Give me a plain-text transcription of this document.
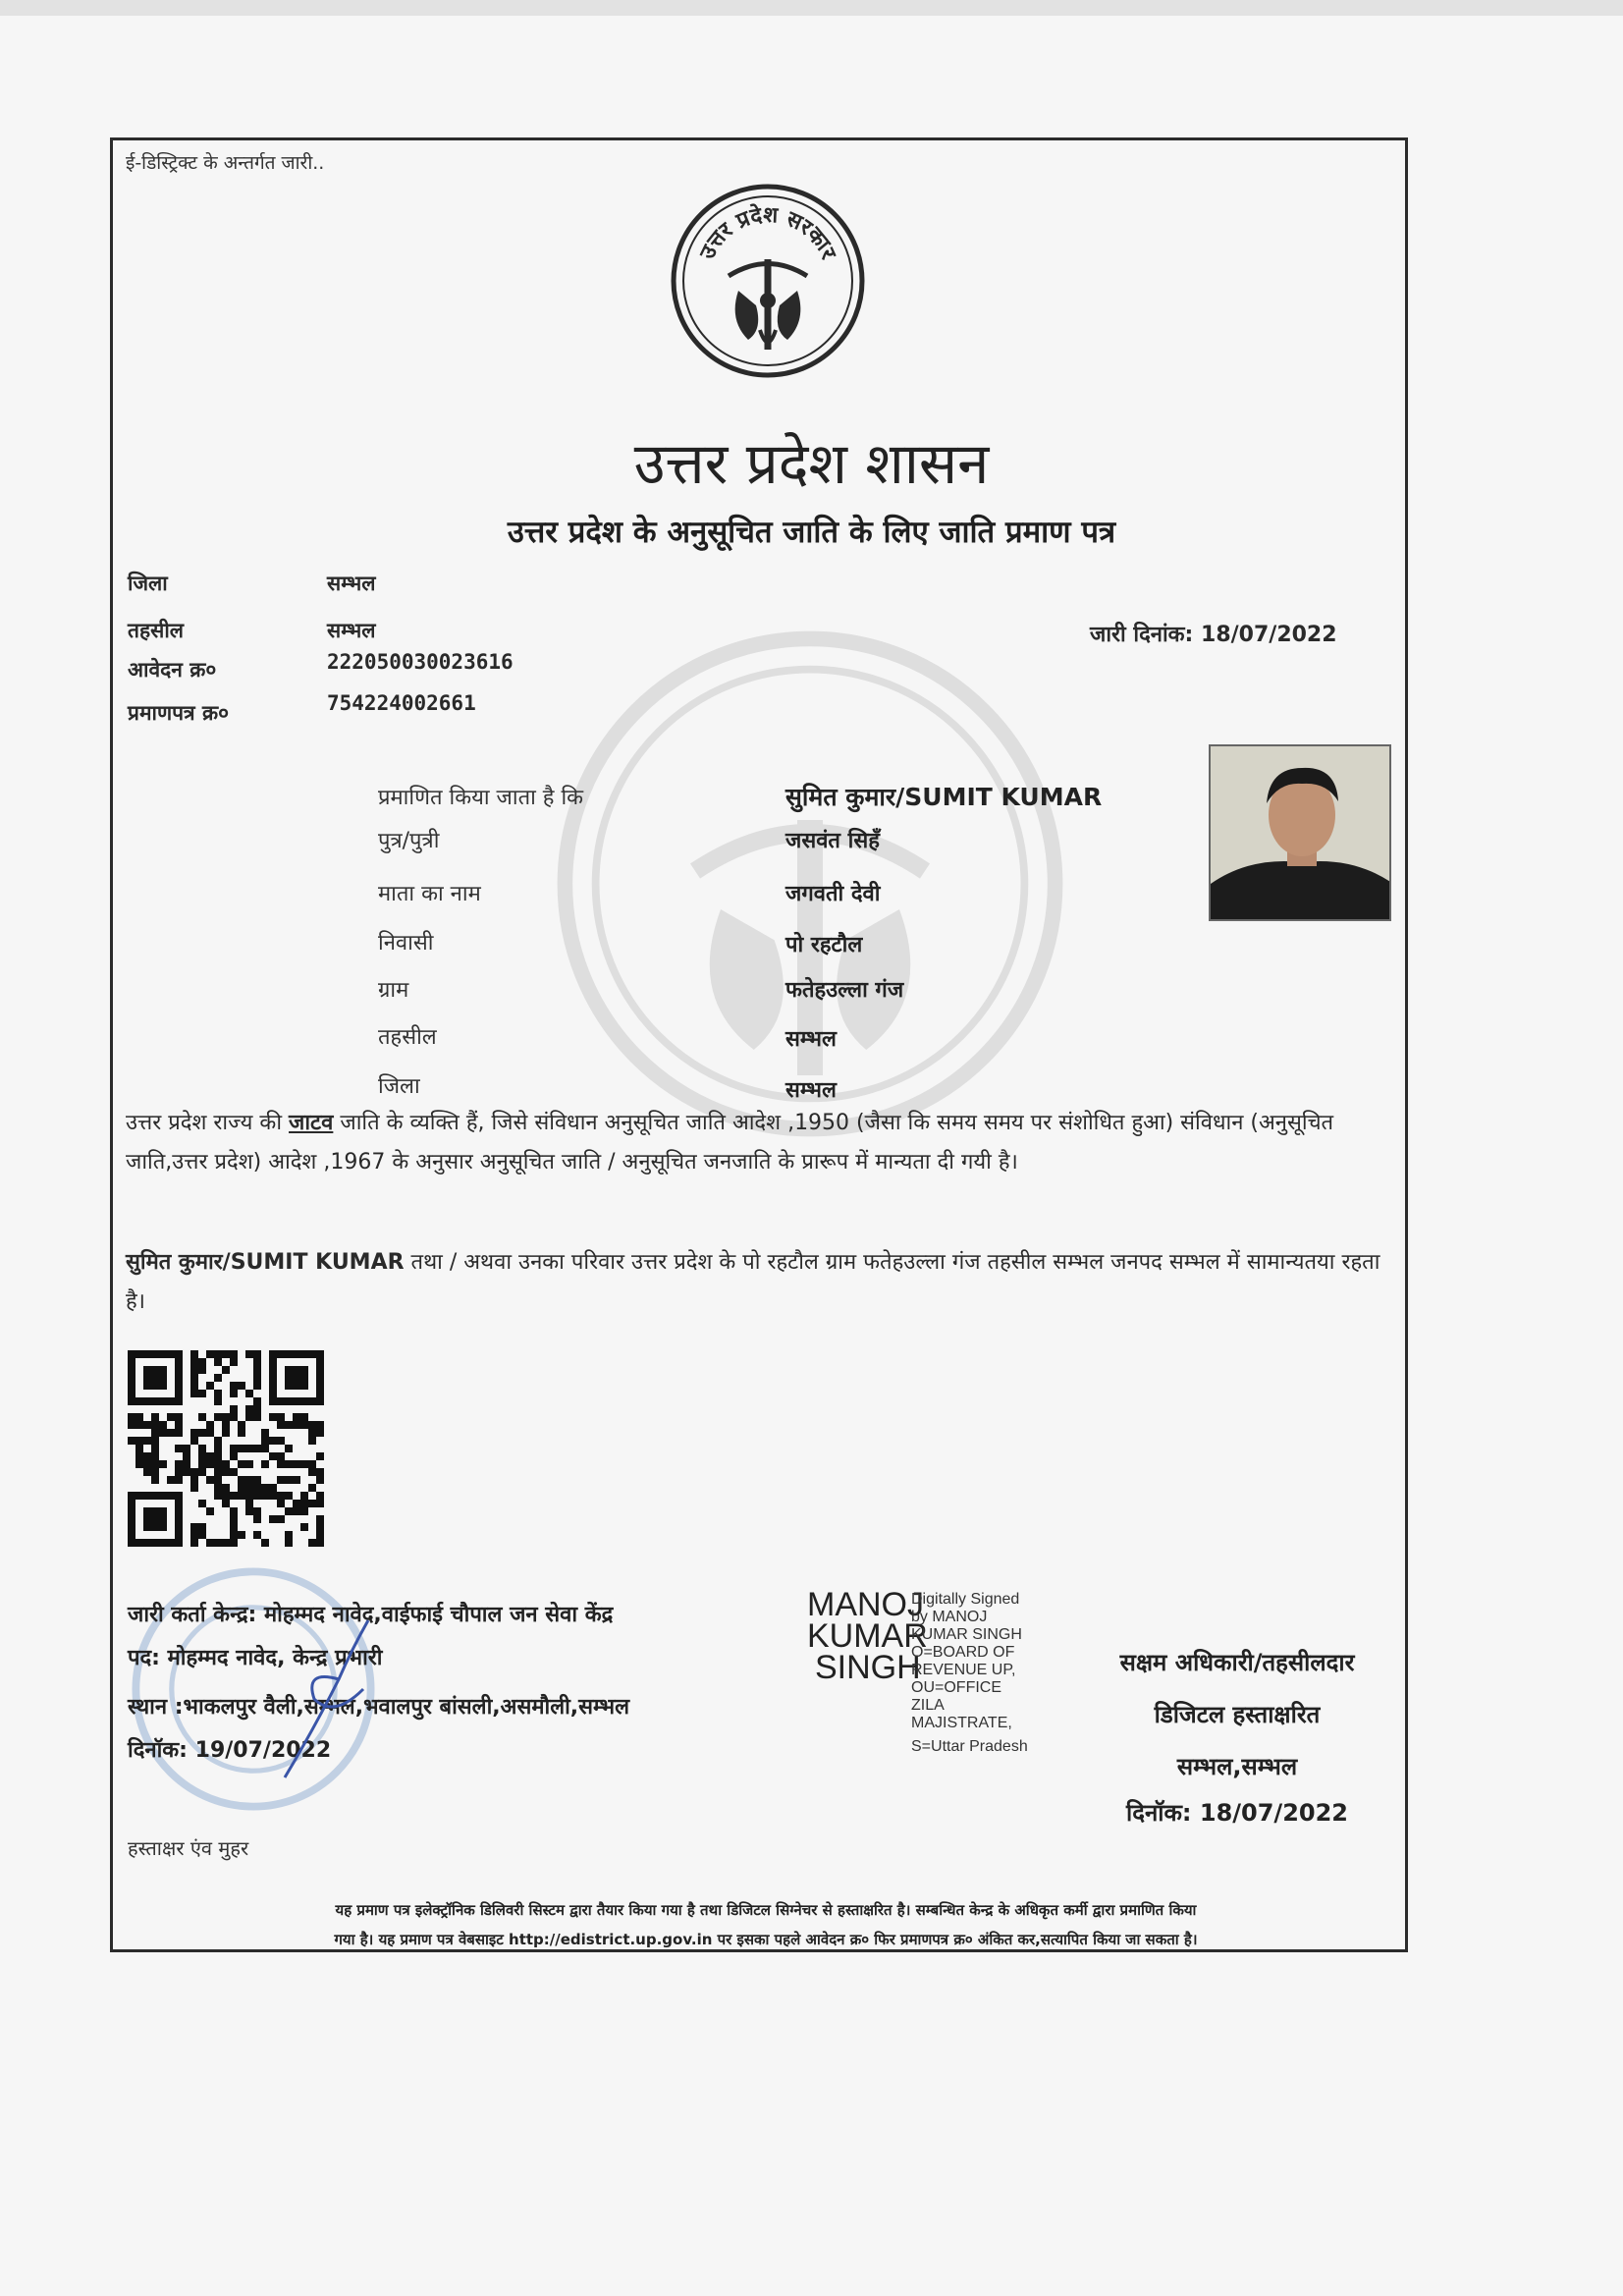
ई-डिस्ट्रिक्ट के अन्तर्गत जारी..
उत्तर प्रदेश सरकार
उत्तर प्रदेश शासन
उत्तर प्रदेश के अनुसूचित जाति के लिए जाति प्रमाण पत्र
जिला	सम्भल
तहसील	सम्भल
आवेदन क्र०	222050030023616
प्रमाणपत्र क्र०	754224002661
जारी दिनांक: 18/07/2022
प्रमाणित किया जाता है कि	सुमित कुमार/SUMIT KUMAR
पुत्र/पुत्री	जसवंत सिहँ
माता का नाम	जगवती देवी
निवासी	पो रहटौल
ग्राम	फतेहउल्ला गंज
तहसील	सम्भल
जिला	सम्भल
उत्तर प्रदेश राज्य की जाटव जाति के व्यक्ति हैं, जिसे संविधान अनुसूचित जाति आदेश ,1950 (जैसा कि समय समय पर संशोधित हुआ) संविधान (अनुसूचित जाति,उत्तर प्रदेश) आदेश ,1967 के अनुसार अनुसूचित जाति / अनुसूचित जनजाति के प्रारूप में मान्यता दी गयी है।
सुमित कुमार/SUMIT KUMAR तथा / अथवा उनका परिवार उत्तर प्रदेश के पो रहटौल ग्राम फतेहउल्ला गंज तहसील सम्भल जनपद सम्भल में सामान्यतया रहता है।
जारी कर्ता केन्द्र: मोहम्मद नावेद,वाईफाई चौपाल जन सेवा केंद्र
पद: मोहम्मद नावेद, केन्द्र प्रभारी
स्थान :भाकलपुर वैली,सम्भल,भवालपुर बांसली,असमौली,सम्भल
दिनॉक: 19/07/2022
MANOJ
KUMAR
SINGH
Digitally Signed
by MANOJ
KUMAR SINGH
O=BOARD OF
REVENUE UP,
OU=OFFICE
ZILA
MAJISTRATE,
S=Uttar Pradesh
सक्षम अधिकारी/तहसीलदार
डिजिटल हस्ताक्षरित
सम्भल,सम्भल
दिनॉक: 18/07/2022
हस्ताक्षर एंव मुहर
यह प्रमाण पत्र इलेक्ट्रॉनिक डिलिवरी सिस्टम द्वारा तैयार किया गया है तथा डिजिटल सिग्नेचर से हस्ताक्षरित है। सम्बन्धित केन्द्र के अधिकृत कर्मी द्वारा प्रमाणित किया
गया है। यह प्रमाण पत्र वेबसाइट http://edistrict.up.gov.in पर इसका पहले आवेदन क्र० फिर प्रमाणपत्र क्र० अंकित कर,सत्यापित किया जा सकता है।
